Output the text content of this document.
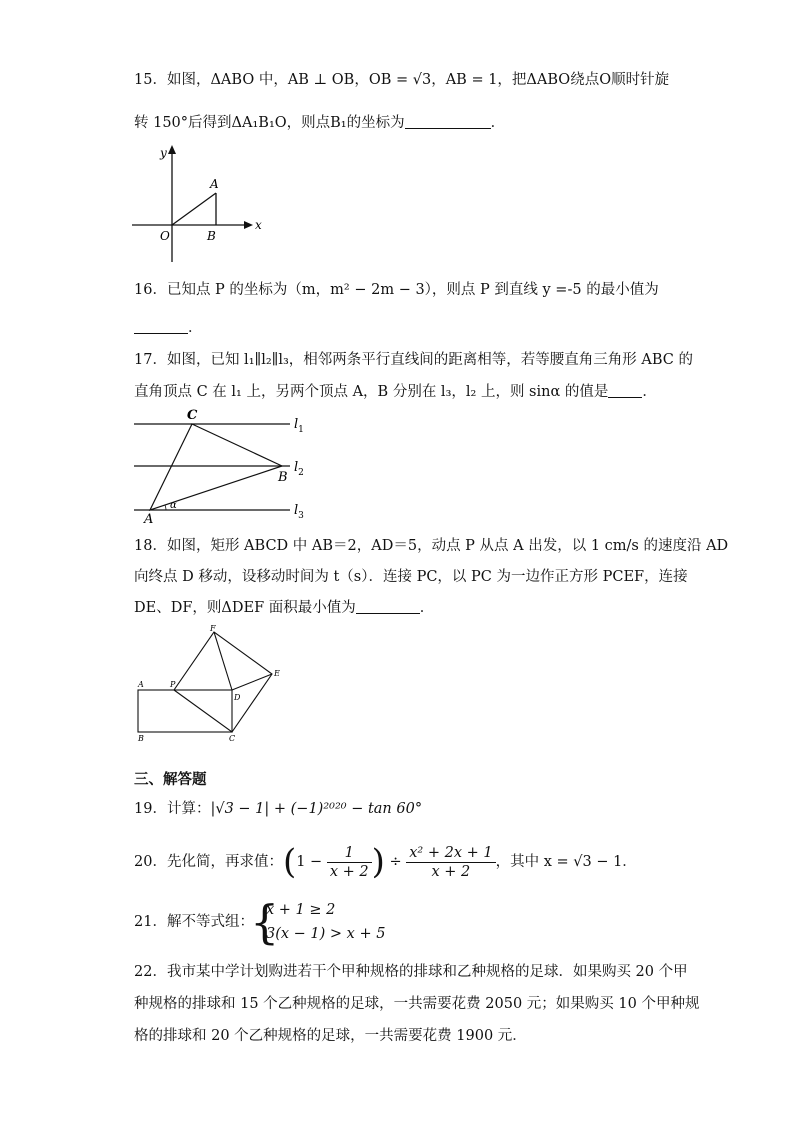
15．如图，ΔABO 中，AB ⊥ OB，OB = √3，AB = 1，把ΔABO绕点O顺时针旋
转 150°后得到ΔA₁B₁O，则点B₁的坐标为	．
y
x
O
A
B
16．已知点 P 的坐标为（m，m² − 2m − 3），则点 P 到直线 y =-5 的最小值为
．
17．如图，已知 l₁∥l₂∥l₃，相邻两条平行直线间的距离相等，若等腰直角三角形 ABC 的
直角顶点 C 在 l₁ 上，另两个顶点 A，B 分别在 l₃，l₂ 上，则 sinα 的值是 ．
C
B
A
α
$l_1$
$l_2$
$l_3$
18．如图，矩形 ABCD 中 AB＝2，AD＝5，动点 P 从点 A 出发，以 1 cm/s 的速度沿 AD
向终点 D 移动，设移动时间为 t（s）．连接 PC，以 PC 为一边作正方形 PCEF，连接
DE、DF，则ΔDEF 面积最小值为	．
F
E
A	P
D
B	C
三、解答题
19．计算：|√3 − 1| + (−1)²⁰²⁰ − tan 60°
20．先化简，再求值：($1 - \frac{1}{x + 2}$ ) ÷ $\frac{\text{x² + 2x + 1}}{x + 2}$ ，其中 x = √3 − 1．
21．解不等式组：
{
x + 1 ≥ 2
3(x − 1) > x + 5
22．我市某中学计划购进若干个甲种规格的排球和乙种规格的足球．如果购买 20 个甲
种规格的排球和 15 个乙种规格的足球，一共需要花费 2050 元；如果购买 10 个甲种规
格的排球和 20 个乙种规格的足球，一共需要花费 1900 元．
